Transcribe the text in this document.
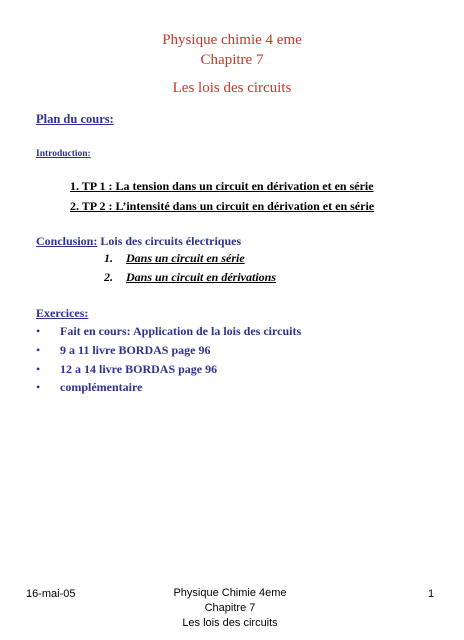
Physique chimie 4 eme
Chapitre 7
Les lois des circuits

Plan du cours:

Introduction:

1. TP 1 : La tension dans un circuit en dérivation et en série

2. TP 2 : L’intensité dans un circuit en dérivation et en série

Conclusion: Lois des circuits électriques

1. Dans un circuit en série

2. Dans un circuit en dérivations

Exercices:

• Fait en cours: Application de la lois des circuits

• 9 a 11 livre BORDAS page 96

• 12 a 14 livre BORDAS page 96

• complémentaire

16-mai-05	Physique Chimie 4eme
Chapitre 7
Les lois des circuits

1
